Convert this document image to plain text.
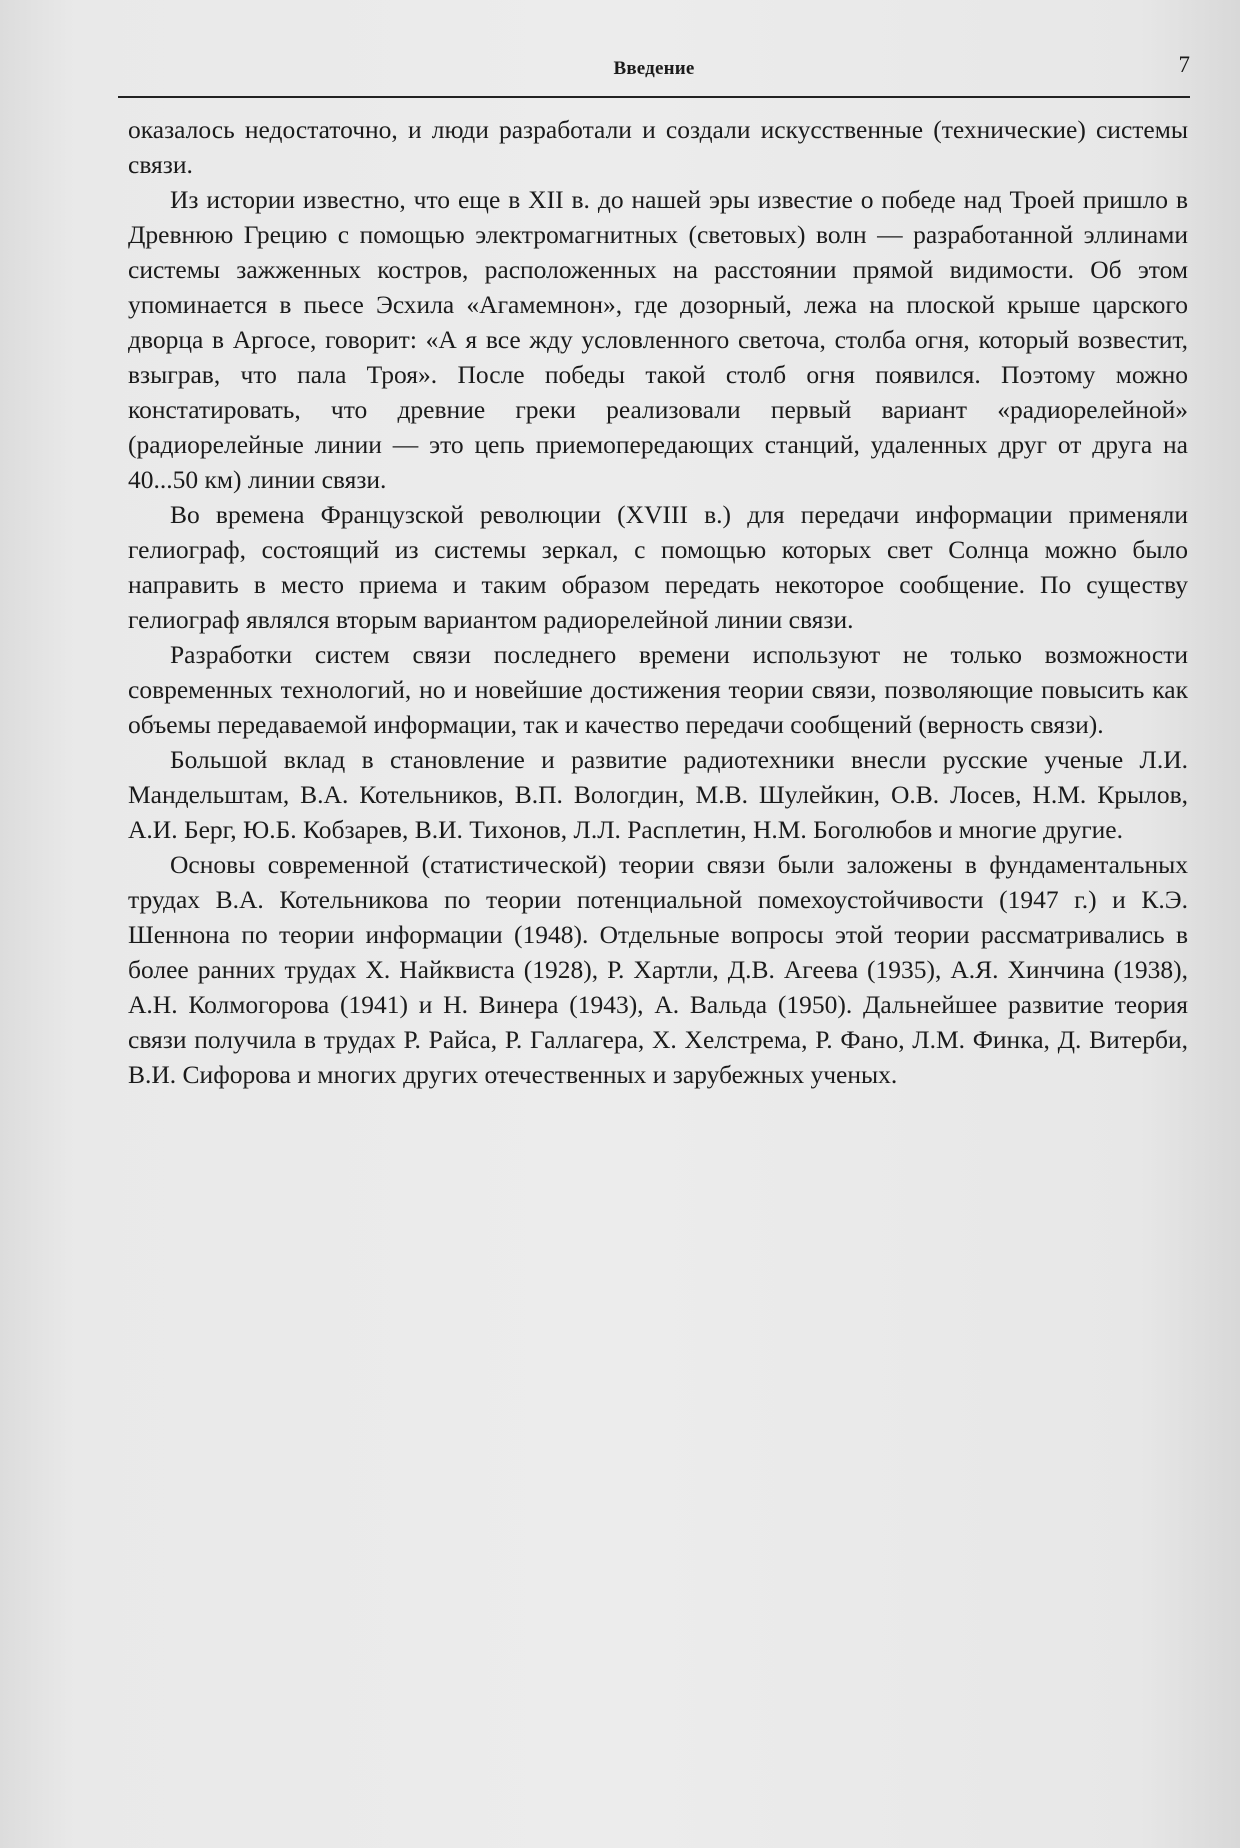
Введение	7

оказалось недостаточно, и люди разработали и создали искусственные (технические) системы связи.

Из истории известно, что еще в XII в. до нашей эры известие о победе над Троей пришло в Древнюю Грецию с помощью электромагнитных (световых) волн — разработанной эллинами системы зажженных костров, расположенных на расстоянии прямой видимости. Об этом упоминается в пьесе Эсхила «Агамемнон», где дозорный, лежа на плоской крыше царского дворца в Аргосе, говорит: «А я все жду условленного светоча, столба огня, который возвестит, взыграв, что пала Троя». После победы такой столб огня появился. Поэтому можно констатировать, что древние греки реализовали первый вариант «радиорелейной» (радиорелейные линии — это цепь приемопередающих станций, удаленных друг от друга на 40...50 км) линии связи.

Во времена Французской революции (XVIII в.) для передачи информации применяли гелиограф, состоящий из системы зеркал, с помощью которых свет Солнца можно было направить в место приема и таким образом передать некоторое сообщение. По существу гелиограф являлся вторым вариантом радиорелейной линии связи.

Разработки систем связи последнего времени используют не только возможности современных технологий, но и новейшие достижения теории связи, позволяющие повысить как объемы передаваемой информации, так и качество передачи сообщений (верность связи).

Большой вклад в становление и развитие радиотехники внесли русские ученые Л.И. Мандельштам, В.А. Котельников, В.П. Вологдин, М.В. Шулейкин, О.В. Лосев, Н.М. Крылов, А.И. Берг, Ю.Б. Кобзарев, В.И. Тихонов, Л.Л. Расплетин, Н.М. Боголюбов и многие другие.

Основы современной (статистической) теории связи были заложены в фундаментальных трудах В.А. Котельникова по теории потенциальной помехоустойчивости (1947 г.) и К.Э. Шеннона по теории информации (1948). Отдельные вопросы этой теории рассматривались в более ранних трудах Х. Найквиста (1928), Р. Хартли, Д.В. Агеева (1935), А.Я. Хинчина (1938), А.Н. Колмогорова (1941) и Н. Винера (1943), А. Вальда (1950). Дальнейшее развитие теория связи получила в трудах Р. Райса, Р. Галлагера, Х. Хелстрема, Р. Фано, Л.М. Финка, Д. Витерби, В.И. Сифорова и многих других отечественных и зарубежных ученых.
